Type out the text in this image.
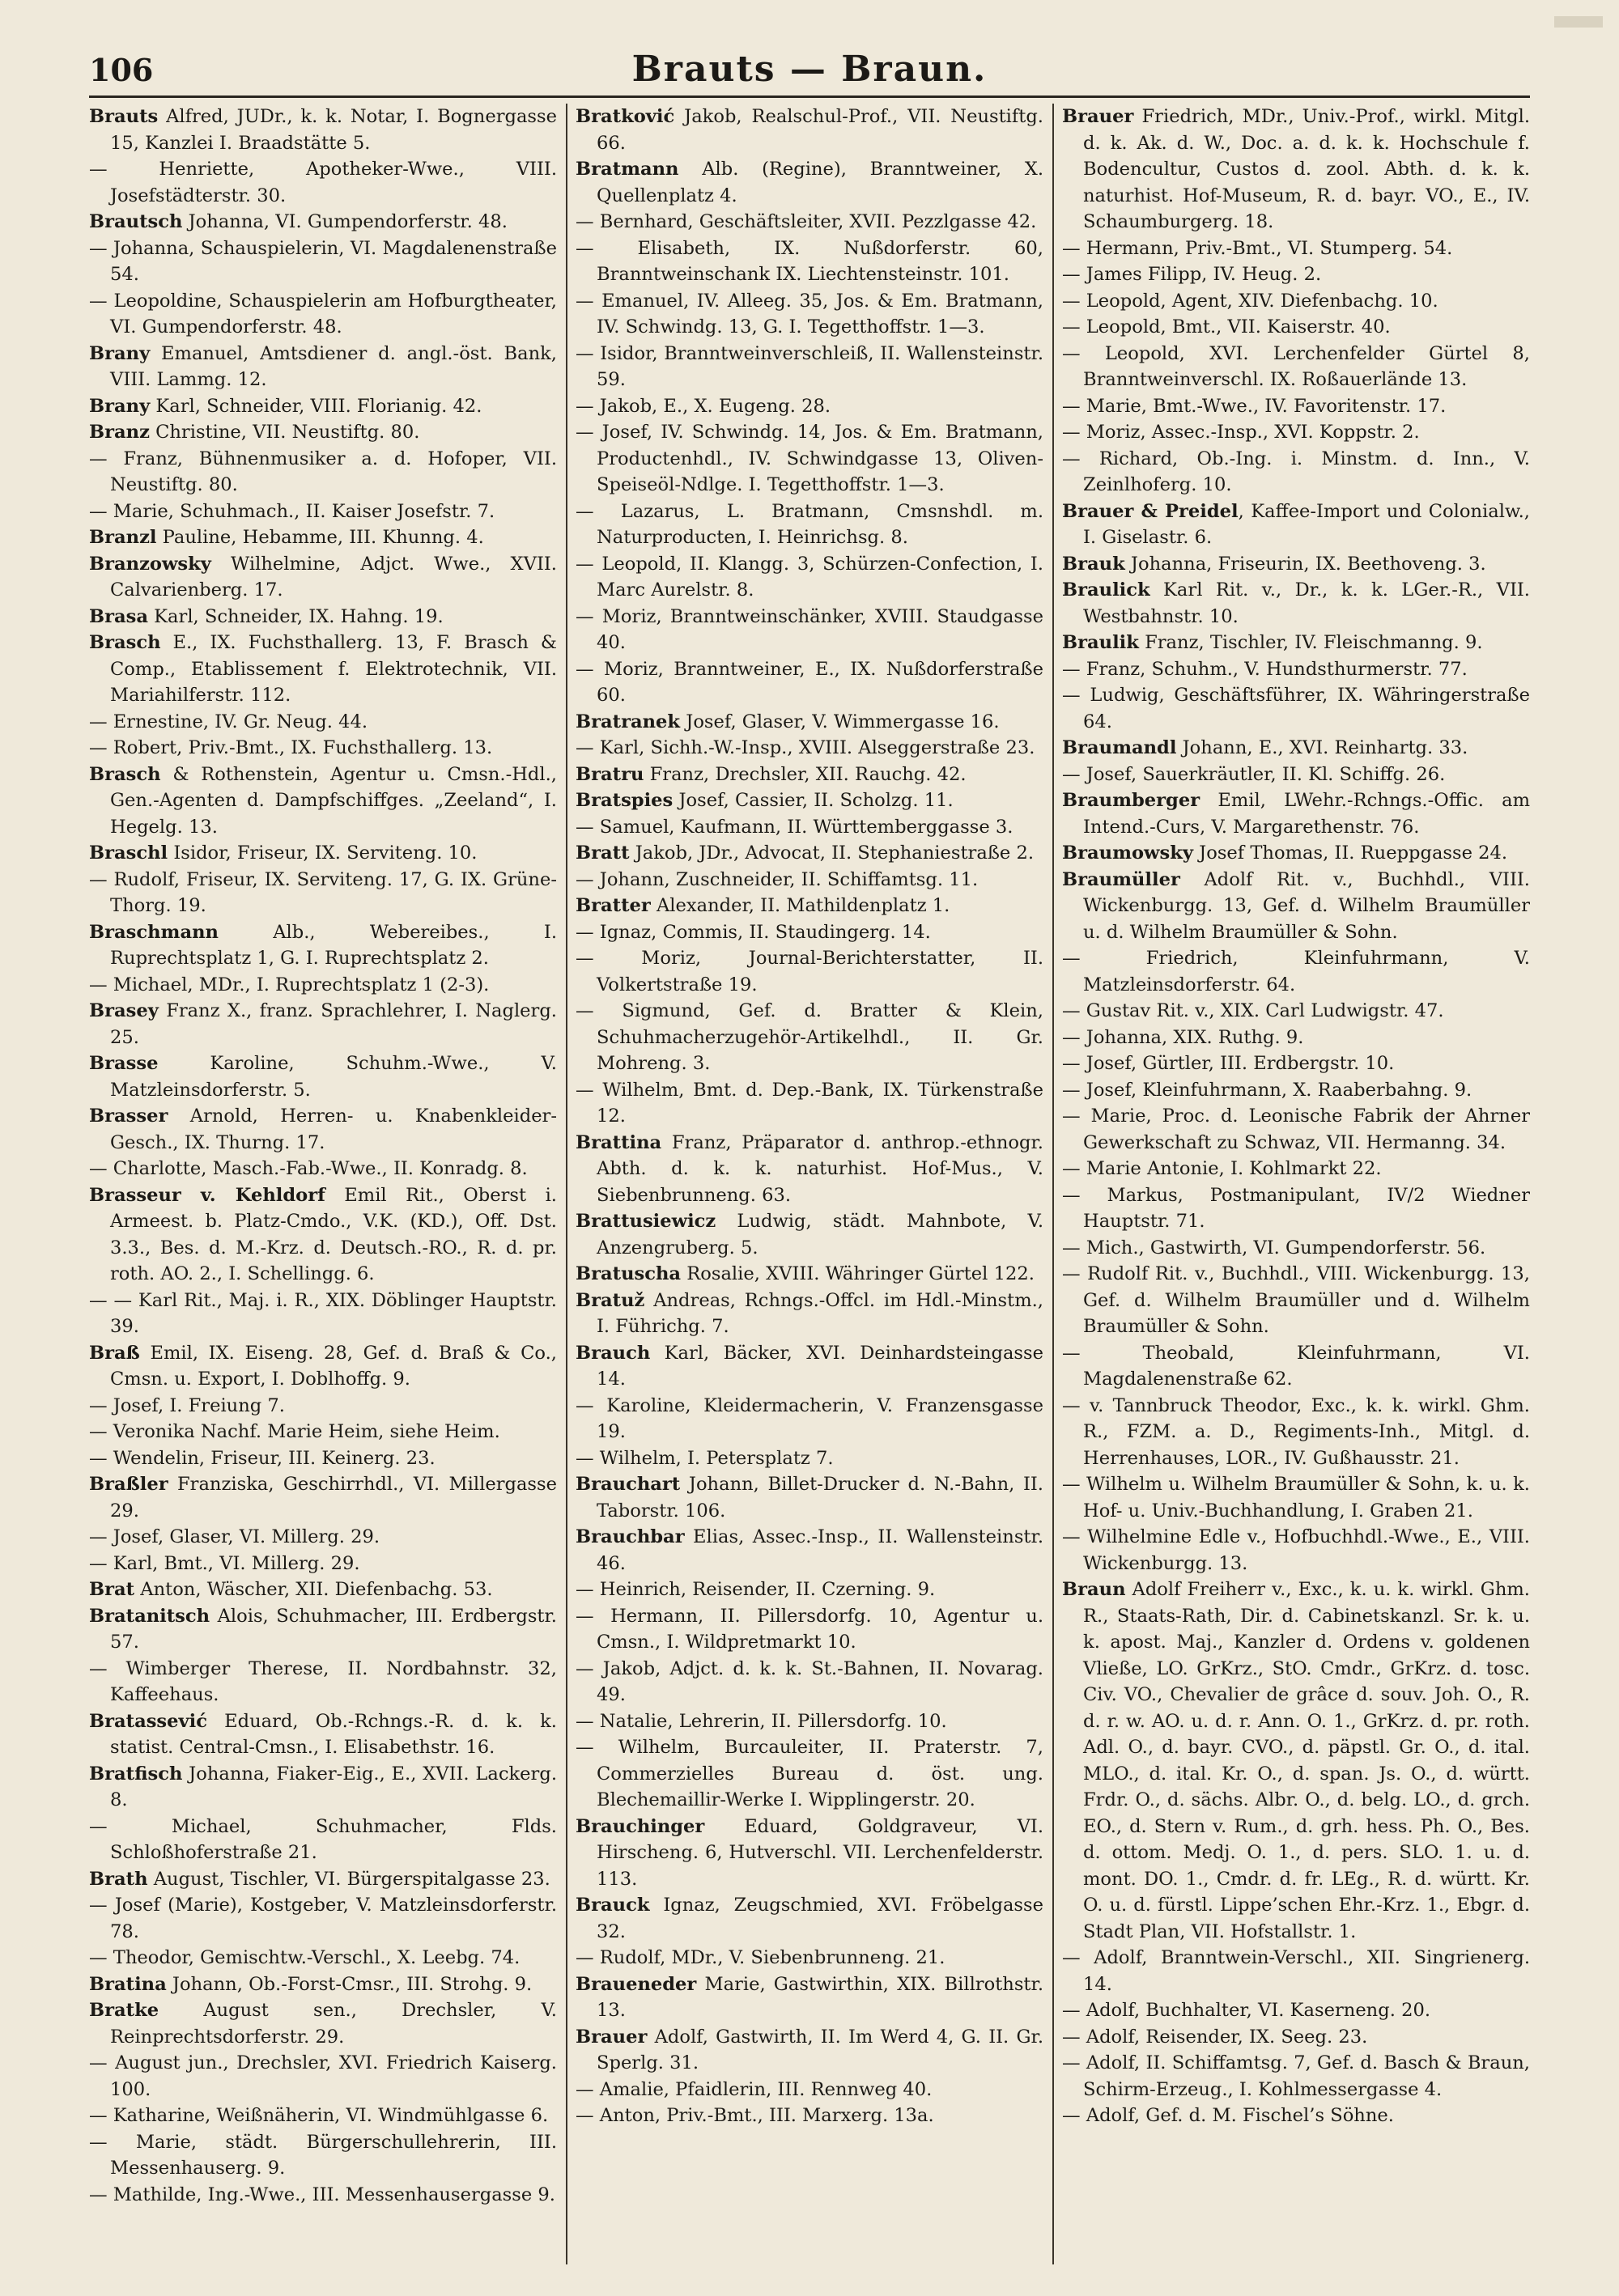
106	Brauts — Braun.

Brauts Alfred, JUDr., k. k. Notar, I. Bognergasse 15, Kanzlei I. Braadstätte 5.

— Henriette, Apotheker-Wwe., VIII. Josefstädterstr. 30.

Brautsch Johanna, VI. Gumpendorferstr. 48.

— Johanna, Schauspielerin, VI. Magdalenenstraße 54.

— Leopoldine, Schauspielerin am Hofburgtheater, VI. Gumpendorferstr. 48.

Brany Emanuel, Amtsdiener d. angl.-öst. Bank, VIII. Lammg. 12.

Brany Karl, Schneider, VIII. Florianig. 42.

Branz Christine, VII. Neustiftg. 80.

— Franz, Bühnenmusiker a. d. Hofoper, VII. Neustiftg. 80.

— Marie, Schuhmach., II. Kaiser Josefstr. 7.

Branzl Pauline, Hebamme, III. Khunng. 4.

Branzowsky Wilhelmine, Adjct. Wwe., XVII. Calvarienberg. 17.

Brasa Karl, Schneider, IX. Hahng. 19.

Brasch E., IX. Fuchsthallerg. 13, F. Brasch & Comp., Etablissement f. Elektrotechnik, VII. Mariahilferstr. 112.

— Ernestine, IV. Gr. Neug. 44.

— Robert, Priv.-Bmt., IX. Fuchsthallerg. 13.

Brasch & Rothenstein, Agentur u. Cmsn.-Hdl., Gen.-Agenten d. Dampfschiffges. „Zeeland“, I. Hegelg. 13.

Braschl Isidor, Friseur, IX. Serviteng. 10.

— Rudolf, Friseur, IX. Serviteng. 17, G. IX. Grüne-Thorg. 19.

Braschmann Alb., Webereibes., I. Ruprechtsplatz 1, G. I. Ruprechtsplatz 2.

— Michael, MDr., I. Ruprechtsplatz 1 (2-3).

Brasey Franz X., franz. Sprachlehrer, I. Naglerg. 25.

Brasse Karoline, Schuhm.-Wwe., V. Matzleinsdorferstr. 5.

Brasser Arnold, Herren- u. Knabenkleider-Gesch., IX. Thurng. 17.

— Charlotte, Masch.-Fab.-Wwe., II. Konradg. 8.

Brasseur v. Kehldorf Emil Rit., Oberst i. Armeest. b. Platz-Cmdo., V.K. (KD.), Off. Dst. 3.3., Bes. d. M.-Krz. d. Deutsch.-RO., R. d. pr. roth. AO. 2., I. Schellingg. 6.

— — Karl Rit., Maj. i. R., XIX. Döblinger Hauptstr. 39.

Braß Emil, IX. Eiseng. 28, Gef. d. Braß & Co., Cmsn. u. Export, I. Doblhoffg. 9.

— Josef, I. Freiung 7.

— Veronika Nachf. Marie Heim, siehe Heim.

— Wendelin, Friseur, III. Keinerg. 23.

Braßler Franziska, Geschirrhdl., VI. Millergasse 29.

— Josef, Glaser, VI. Millerg. 29.

— Karl, Bmt., VI. Millerg. 29.

Brat Anton, Wäscher, XII. Diefenbachg. 53.

Bratanitsch Alois, Schuhmacher, III. Erdbergstr. 57.

— Wimberger Therese, II. Nordbahnstr. 32, Kaffeehaus.

Bratassević Eduard, Ob.-Rchngs.-R. d. k. k. statist. Central-Cmsn., I. Elisabethstr. 16.

Bratfisch Johanna, Fiaker-Eig., E., XVII. Lackerg. 8.

— Michael, Schuhmacher, Flds. Schloßhoferstraße 21.

Brath August, Tischler, VI. Bürgerspitalgasse 23.

— Josef (Marie), Kostgeber, V. Matzleinsdorferstr. 78.

— Theodor, Gemischtw.-Verschl., X. Leebg. 74.

Bratina Johann, Ob.-Forst-Cmsr., III. Strohg. 9.

Bratke August sen., Drechsler, V. Reinprechtsdorferstr. 29.

— August jun., Drechsler, XVI. Friedrich Kaiserg. 100.

— Katharine, Weißnäherin, VI. Windmühlgasse 6.

— Marie, städt. Bürgerschullehrerin, III. Messenhauserg. 9.

— Mathilde, Ing.-Wwe., III. Messenhausergasse 9.

Bratković Jakob, Realschul-Prof., VII. Neustiftg. 66.

Bratmann Alb. (Regine), Branntweiner, X. Quellenplatz 4.

— Bernhard, Geschäftsleiter, XVII. Pezzlgasse 42.

— Elisabeth, IX. Nußdorferstr. 60, Branntweinschank IX. Liechtensteinstr. 101.

— Emanuel, IV. Alleeg. 35, Jos. & Em. Bratmann, IV. Schwindg. 13, G. I. Tegetthoffstr. 1—3.

— Isidor, Branntweinverschleiß, II. Wallensteinstr. 59.

— Jakob, E., X. Eugeng. 28.

— Josef, IV. Schwindg. 14, Jos. & Em. Bratmann, Productenhdl., IV. Schwindgasse 13, Oliven-Speiseöl-Ndlge. I. Tegetthoffstr. 1—3.

— Lazarus, L. Bratmann, Cmsnshdl. m. Naturproducten, I. Heinrichsg. 8.

— Leopold, II. Klangg. 3, Schürzen-Confection, I. Marc Aurelstr. 8.

— Moriz, Branntweinschänker, XVIII. Staudgasse 40.

— Moriz, Branntweiner, E., IX. Nußdorferstraße 60.

Bratranek Josef, Glaser, V. Wimmergasse 16.

— Karl, Sichh.-W.-Insp., XVIII. Alseggerstraße 23.

Bratru Franz, Drechsler, XII. Rauchg. 42.

Bratspies Josef, Cassier, II. Scholzg. 11.

— Samuel, Kaufmann, II. Württemberggasse 3.

Bratt Jakob, JDr., Advocat, II. Stephaniestraße 2.

— Johann, Zuschneider, II. Schiffamtsg. 11.

Bratter Alexander, II. Mathildenplatz 1.

— Ignaz, Commis, II. Staudingerg. 14.

— Moriz, Journal-Berichterstatter, II. Volkertstraße 19.

— Sigmund, Gef. d. Bratter & Klein, Schuhmacherzugehör-Artikelhdl., II. Gr. Mohreng. 3.

— Wilhelm, Bmt. d. Dep.-Bank, IX. Türkenstraße 12.

Brattina Franz, Präparator d. anthrop.-ethnogr. Abth. d. k. k. naturhist. Hof-Mus., V. Siebenbrunneng. 63.

Brattusiewicz Ludwig, städt. Mahnbote, V. Anzengruberg. 5.

Bratuscha Rosalie, XVIII. Währinger Gürtel 122.

Bratuž Andreas, Rchngs.-Offcl. im Hdl.-Minstm., I. Führichg. 7.

Brauch Karl, Bäcker, XVI. Deinhardsteingasse 14.

— Karoline, Kleidermacherin, V. Franzensgasse 19.

— Wilhelm, I. Petersplatz 7.

Brauchart Johann, Billet-Drucker d. N.-Bahn, II. Taborstr. 106.

Brauchbar Elias, Assec.-Insp., II. Wallensteinstr. 46.

— Heinrich, Reisender, II. Czerning. 9.

— Hermann, II. Pillersdorfg. 10, Agentur u. Cmsn., I. Wildpretmarkt 10.

— Jakob, Adjct. d. k. k. St.-Bahnen, II. Novarag. 49.

— Natalie, Lehrerin, II. Pillersdorfg. 10.

— Wilhelm, Burcauleiter, II. Praterstr. 7, Commerzielles Bureau d. öst. ung. Blechemaillir-Werke I. Wipplingerstr. 20.

Brauchinger Eduard, Goldgraveur, VI. Hirscheng. 6, Hutverschl. VII. Lerchenfelderstr. 113.

Brauck Ignaz, Zeugschmied, XVI. Fröbelgasse 32.

— Rudolf, MDr., V. Siebenbrunneng. 21.

Braueneder Marie, Gastwirthin, XIX. Billrothstr. 13.

Brauer Adolf, Gastwirth, II. Im Werd 4, G. II. Gr. Sperlg. 31.

— Amalie, Pfaidlerin, III. Rennweg 40.

— Anton, Priv.-Bmt., III. Marxerg. 13a.

Brauer Friedrich, MDr., Univ.-Prof., wirkl. Mitgl. d. k. Ak. d. W., Doc. a. d. k. k. Hochschule f. Bodencultur, Custos d. zool. Abth. d. k. k. naturhist. Hof-Museum, R. d. bayr. VO., E., IV. Schaumburgerg. 18.

— Hermann, Priv.-Bmt., VI. Stumperg. 54.

— James Filipp, IV. Heug. 2.

— Leopold, Agent, XIV. Diefenbachg. 10.

— Leopold, Bmt., VII. Kaiserstr. 40.

— Leopold, XVI. Lerchenfelder Gürtel 8, Branntweinverschl. IX. Roßauerlände 13.

— Marie, Bmt.-Wwe., IV. Favoritenstr. 17.

— Moriz, Assec.-Insp., XVI. Koppstr. 2.

— Richard, Ob.-Ing. i. Minstm. d. Inn., V. Zeinlhoferg. 10.

Brauer & Preidel, Kaffee-Import und Colonialw., I. Giselastr. 6.

Brauk Johanna, Friseurin, IX. Beethoveng. 3.

Braulick Karl Rit. v., Dr., k. k. LGer.-R., VII. Westbahnstr. 10.

Braulik Franz, Tischler, IV. Fleischmanng. 9.

— Franz, Schuhm., V. Hundsthurmerstr. 77.

— Ludwig, Geschäftsführer, IX. Währingerstraße 64.

Braumandl Johann, E., XVI. Reinhartg. 33.

— Josef, Sauerkräutler, II. Kl. Schiffg. 26.

Braumberger Emil, LWehr.-Rchngs.-Offic. am Intend.-Curs, V. Margarethenstr. 76.

Braumowsky Josef Thomas, II. Rueppgasse 24.

Braumüller Adolf Rit. v., Buchhdl., VIII. Wickenburgg. 13, Gef. d. Wilhelm Braumüller u. d. Wilhelm Braumüller & Sohn.

— Friedrich, Kleinfuhrmann, V. Matzleinsdorferstr. 64.

— Gustav Rit. v., XIX. Carl Ludwigstr. 47.

— Johanna, XIX. Ruthg. 9.

— Josef, Gürtler, III. Erdbergstr. 10.

— Josef, Kleinfuhrmann, X. Raaberbahng. 9.

— Marie, Proc. d. Leonische Fabrik der Ahrner Gewerkschaft zu Schwaz, VII. Hermanng. 34.

— Marie Antonie, I. Kohlmarkt 22.

— Markus, Postmanipulant, IV/2 Wiedner Hauptstr. 71.

— Mich., Gastwirth, VI. Gumpendorferstr. 56.

— Rudolf Rit. v., Buchhdl., VIII. Wickenburgg. 13, Gef. d. Wilhelm Braumüller und d. Wilhelm Braumüller & Sohn.

— Theobald, Kleinfuhrmann, VI. Magdalenenstraße 62.

— v. Tannbruck Theodor, Exc., k. k. wirkl. Ghm. R., FZM. a. D., Regiments-Inh., Mitgl. d. Herrenhauses, LOR., IV. Gußhausstr. 21.

— Wilhelm u. Wilhelm Braumüller & Sohn, k. u. k. Hof- u. Univ.-Buchhandlung, I. Graben 21.

— Wilhelmine Edle v., Hofbuchhdl.-Wwe., E., VIII. Wickenburgg. 13.

Braun Adolf Freiherr v., Exc., k. u. k. wirkl. Ghm. R., Staats-Rath, Dir. d. Cabinetskanzl. Sr. k. u. k. apost. Maj., Kanzler d. Ordens v. goldenen Vließe, LO. GrKrz., StO. Cmdr., GrKrz. d. tosc. Civ. VO., Chevalier de grâce d. souv. Joh. O., R. d. r. w. AO. u. d. r. Ann. O. 1., GrKrz. d. pr. roth. Adl. O., d. bayr. CVO., d. päpstl. Gr. O., d. ital. MLO., d. ital. Kr. O., d. span. Js. O., d. württ. Frdr. O., d. sächs. Albr. O., d. belg. LO., d. grch. EO., d. Stern v. Rum., d. grh. hess. Ph. O., Bes. d. ottom. Medj. O. 1., d. pers. SLO. 1. u. d. mont. DO. 1., Cmdr. d. fr. LEg., R. d. württ. Kr. O. u. d. fürstl. Lippe’schen Ehr.-Krz. 1., Ebgr. d. Stadt Plan, VII. Hofstallstr. 1.

— Adolf, Branntwein-Verschl., XII. Singrienerg. 14.

— Adolf, Buchhalter, VI. Kaserneng. 20.

— Adolf, Reisender, IX. Seeg. 23.

— Adolf, II. Schiffamtsg. 7, Gef. d. Basch & Braun, Schirm-Erzeug., I. Kohlmessergasse 4.

— Adolf, Gef. d. M. Fischel’s Söhne.
